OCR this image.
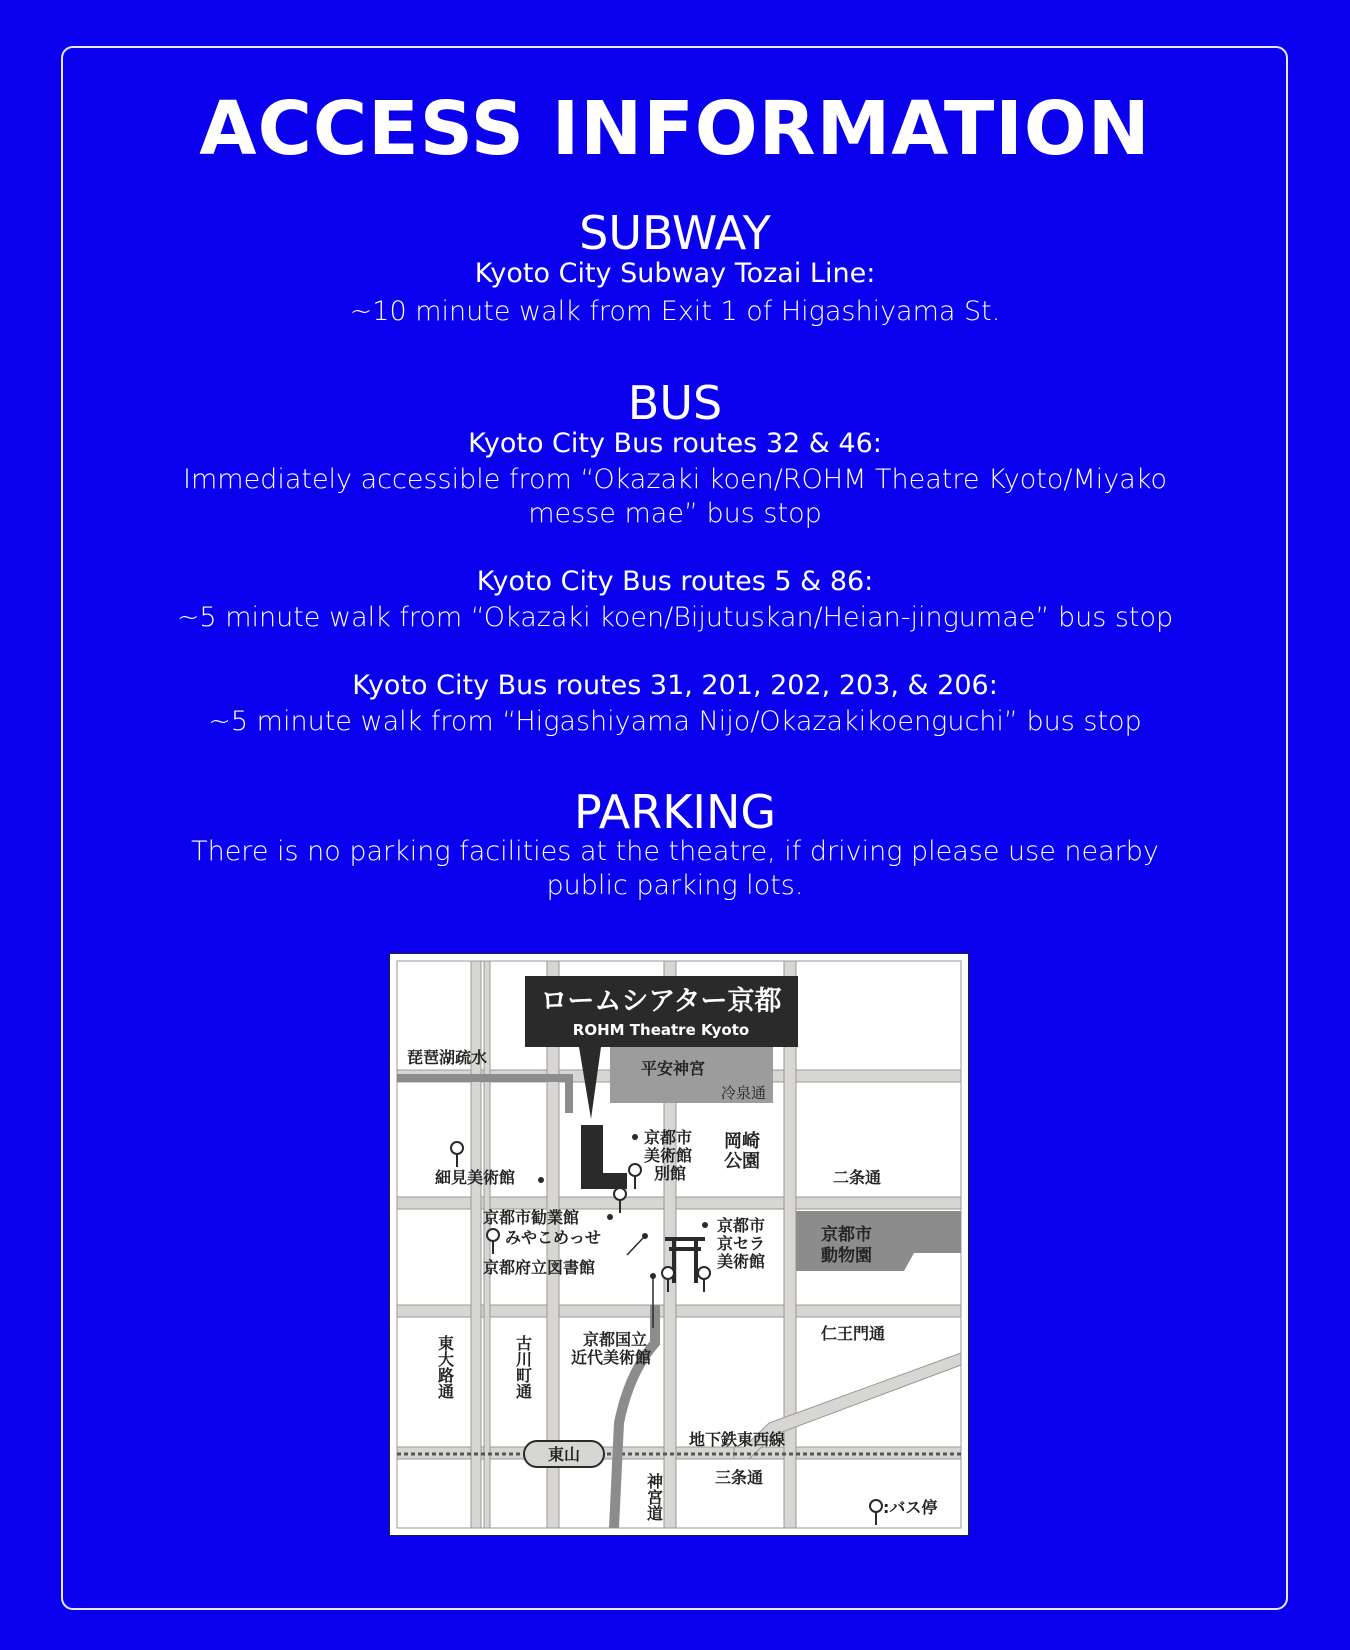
ACCESS INFORMATION
SUBWAY
Kyoto City Subway Tozai Line:
~10 minute walk from Exit 1 of Higashiyama St.
BUS
Kyoto City Bus routes 32 & 46:
Immediately accessible from “Okazaki koen/ROHM Theatre Kyoto/Miyako messe mae” bus stop
Kyoto City Bus routes 5 & 86:
~5 minute walk from “Okazaki koen/Bijutuskan/Heian-jingumae” bus stop
Kyoto City Bus routes 31, 201, 202, 203, & 206:
~5 minute walk from “Higashiyama Nijo/Okazakikoenguchi” bus stop
PARKING
There is no parking facilities at the theatre, if driving please use nearby public parking lots.
平安神宮
冷泉通
京都市
動物園
ロームシアター京都
ROHM Theatre Kyoto
東山
琵琶湖疏水
京都市
美術館
別館
岡崎
公園
細見美術館	二条通
京都市勧業館
みやこめっせ
京都府立図書館
京都市
京セラ
美術館
仁王門通
京都国立
近代美術館
地下鉄東西線
三条通
:バス停
東大路通	古川町通
神宮道
